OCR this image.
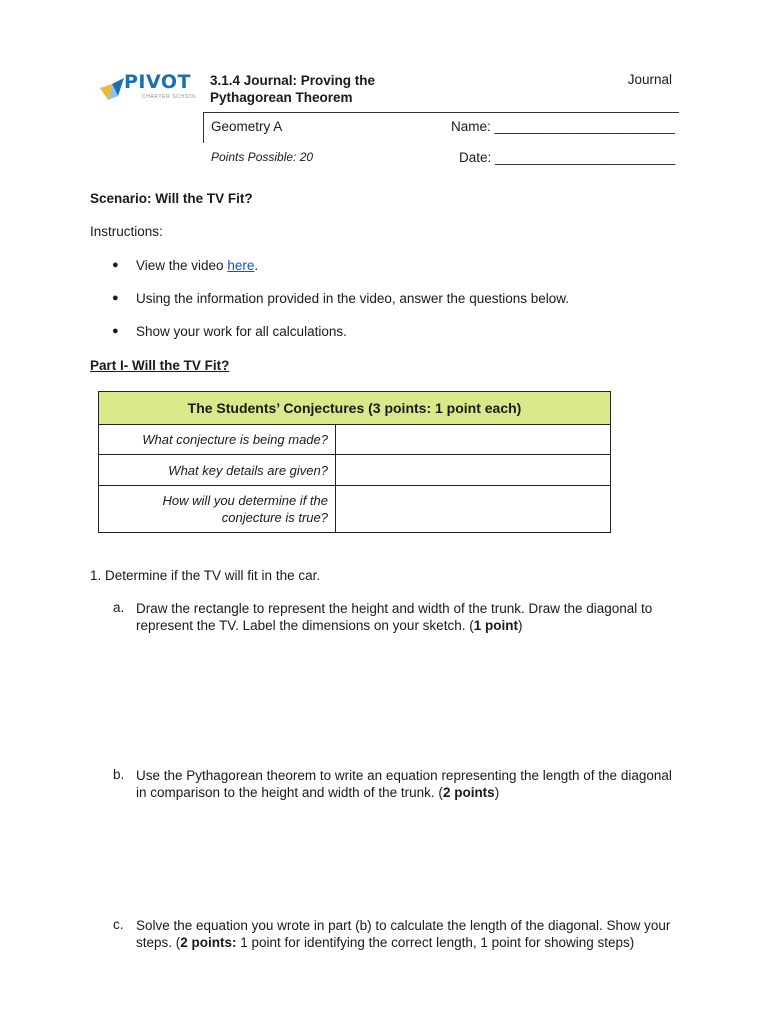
PIVOT
CHARTER SCHOOL
3.1.4 Journal: Proving the Pythagorean Theorem
Journal
Geometry A	Name: ________________________
Points Possible: 20	Date: ________________________
Scenario: Will the TV Fit?
Instructions:
● View the video here.
● Using the information provided in the video, answer the questions below.
● Show your work for all calculations.
Part I- Will the TV Fit?
The Students’ Conjectures (3 points: 1 point each)	
What conjecture is being made?	
What key details are given?	
How will you determine if the conjecture is true?	
1. Determine if the TV will fit in the car.
a. Draw the rectangle to represent the height and width of the trunk. Draw the diagonal to represent the TV. Label the dimensions on your sketch. (1 point)
b. Use the Pythagorean theorem to write an equation representing the length of the diagonal in comparison to the height and width of the trunk. (2 points)
c. Solve the equation you wrote in part (b) to calculate the length of the diagonal. Show your steps. (2 points: 1 point for identifying the correct length, 1 point for showing steps)
